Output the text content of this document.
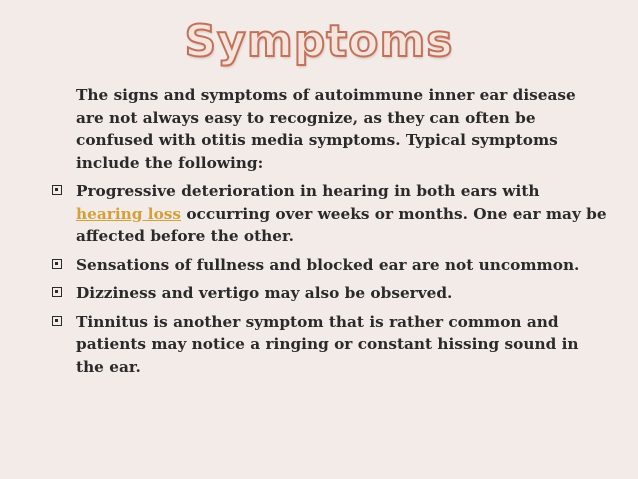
Symptoms
The signs and symptoms of autoimmune inner ear disease are not always easy to recognize, as they can often be confused with otitis media symptoms. Typical symptoms include the following:
Progressive deterioration in hearing in both ears with hearing loss occurring over weeks or months. One ear may be affected before the other.
Sensations of fullness and blocked ear are not uncommon.
Dizziness and vertigo may also be observed.
Tinnitus is another symptom that is rather common and patients may notice a ringing or constant hissing sound in the ear.
